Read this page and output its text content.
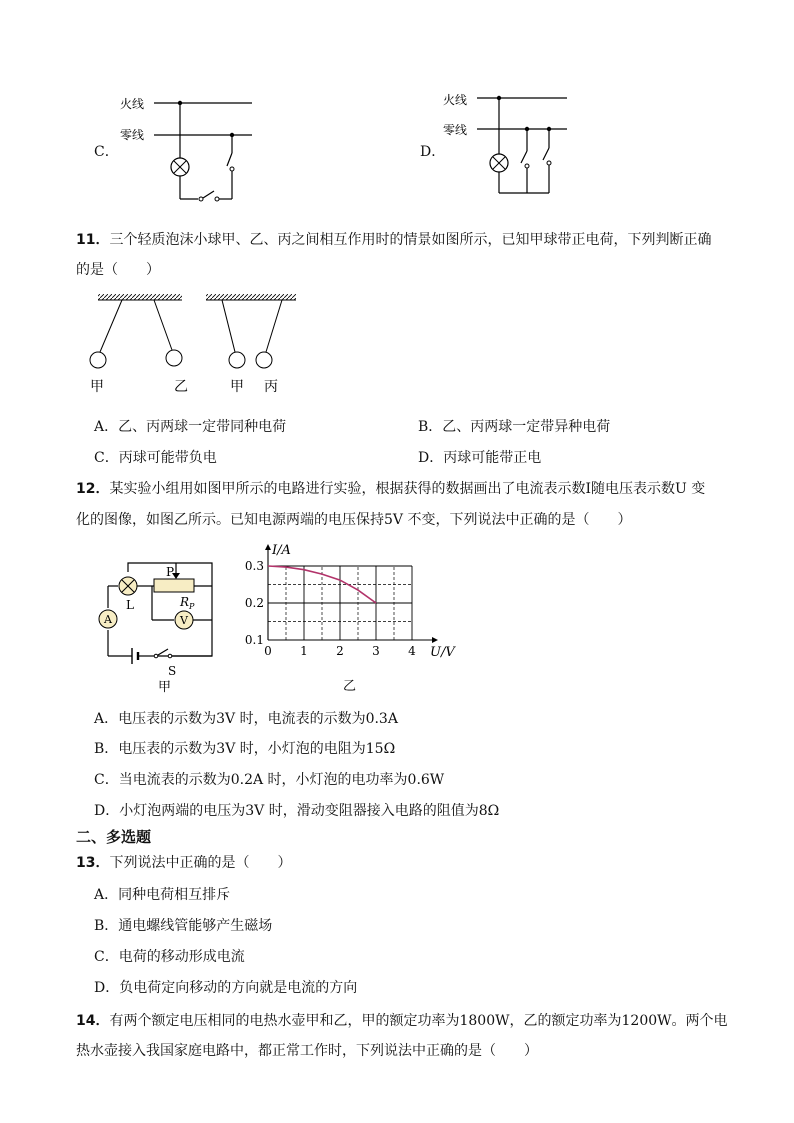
C．
火线
零线
D．
火线
零线
11．三个轻质泡沫小球甲、乙、丙之间相互作用时的情景如图所示，已知甲球带正电荷，下列判断正确
的是（　　）
甲	乙	甲 丙
A．乙、丙两球一定带同种电荷	B．乙、丙两球一定带异种电荷
C．丙球可能带负电	D．丙球可能带正电
12．某实验小组用如图甲所示的电路进行实验，根据获得的数据画出了电流表示数I随电压表示数U 变
化的图像，如图乙所示。已知电源两端的电压保持5V 不变，下列说法中正确的是（　　）
L
P
$R_P$
V
A
S
甲
0 1 2 3 4
0.1
0.2
0.3
U/V
I/A
乙
A．电压表的示数为3V 时，电流表的示数为0.3A
B．电压表的示数为3V 时，小灯泡的电阻为15Ω
C．当电流表的示数为0.2A 时，小灯泡的电功率为0.6W
D．小灯泡两端的电压为3V 时，滑动变阻器接入电路的阻值为8Ω
二、多选题
13．下列说法中正确的是（　　）
A．同种电荷相互排斥
B．通电螺线管能够产生磁场
C．电荷的移动形成电流
D．负电荷定向移动的方向就是电流的方向
14．有两个额定电压相同的电热水壶甲和乙，甲的额定功率为1800W，乙的额定功率为1200W。两个电
热水壶接入我国家庭电路中，都正常工作时，下列说法中正确的是（　　）
